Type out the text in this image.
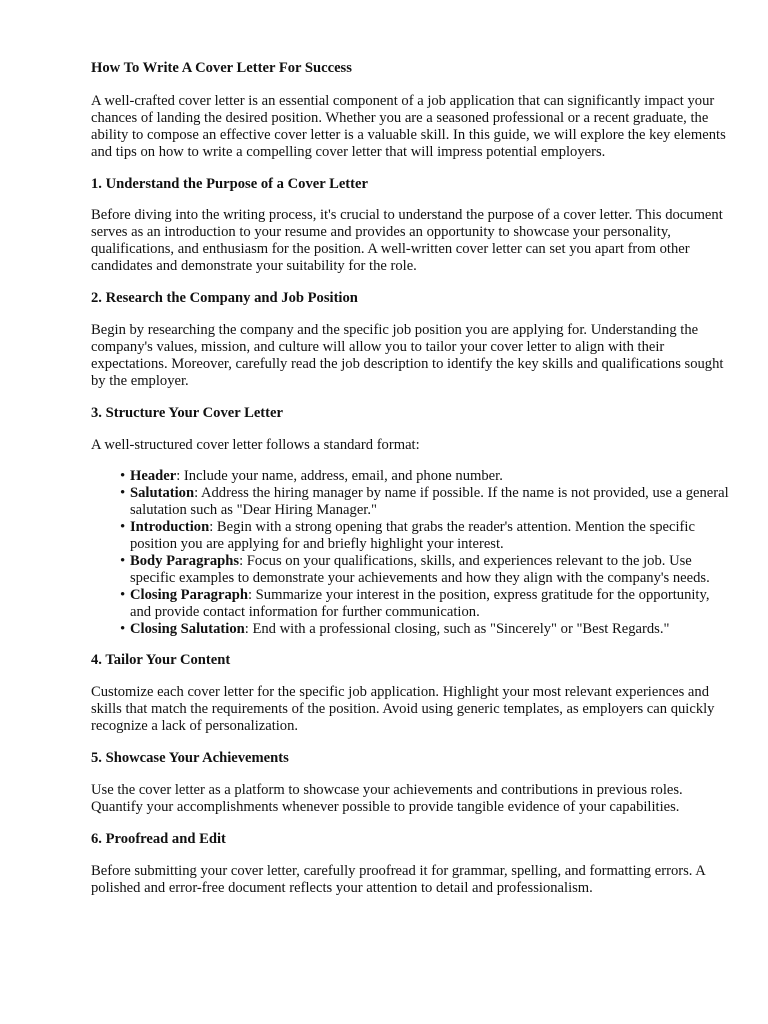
How To Write A Cover Letter For Success

A well-crafted cover letter is an essential component of a job application that can significantly impact your chances of landing the desired position. Whether you are a seasoned professional or a recent graduate, the ability to compose an effective cover letter is a valuable skill. In this guide, we will explore the key elements and tips on how to write a compelling cover letter that will impress potential employers.

1. Understand the Purpose of a Cover Letter

Before diving into the writing process, it's crucial to understand the purpose of a cover letter. This document serves as an introduction to your resume and provides an opportunity to showcase your personality, qualifications, and enthusiasm for the position. A well-written cover letter can set you apart from other candidates and demonstrate your suitability for the role.

2. Research the Company and Job Position

Begin by researching the company and the specific job position you are applying for. Understanding the company's values, mission, and culture will allow you to tailor your cover letter to align with their expectations. Moreover, carefully read the job description to identify the key skills and qualifications sought by the employer.

3. Structure Your Cover Letter

A well-structured cover letter follows a standard format:

• Header: Include your name, address, email, and phone number.
• Salutation: Address the hiring manager by name if possible. If the name is not provided, use a general salutation such as "Dear Hiring Manager."
• Introduction: Begin with a strong opening that grabs the reader's attention. Mention the specific position you are applying for and briefly highlight your interest.
• Body Paragraphs: Focus on your qualifications, skills, and experiences relevant to the job. Use specific examples to demonstrate your achievements and how they align with the company's needs.
• Closing Paragraph: Summarize your interest in the position, express gratitude for the opportunity, and provide contact information for further communication.
• Closing Salutation: End with a professional closing, such as "Sincerely" or "Best Regards."
4. Tailor Your Content

Customize each cover letter for the specific job application. Highlight your most relevant experiences and skills that match the requirements of the position. Avoid using generic templates, as employers can quickly recognize a lack of personalization.

5. Showcase Your Achievements

Use the cover letter as a platform to showcase your achievements and contributions in previous roles. Quantify your accomplishments whenever possible to provide tangible evidence of your capabilities.

6. Proofread and Edit

Before submitting your cover letter, carefully proofread it for grammar, spelling, and formatting errors. A polished and error-free document reflects your attention to detail and professionalism.
